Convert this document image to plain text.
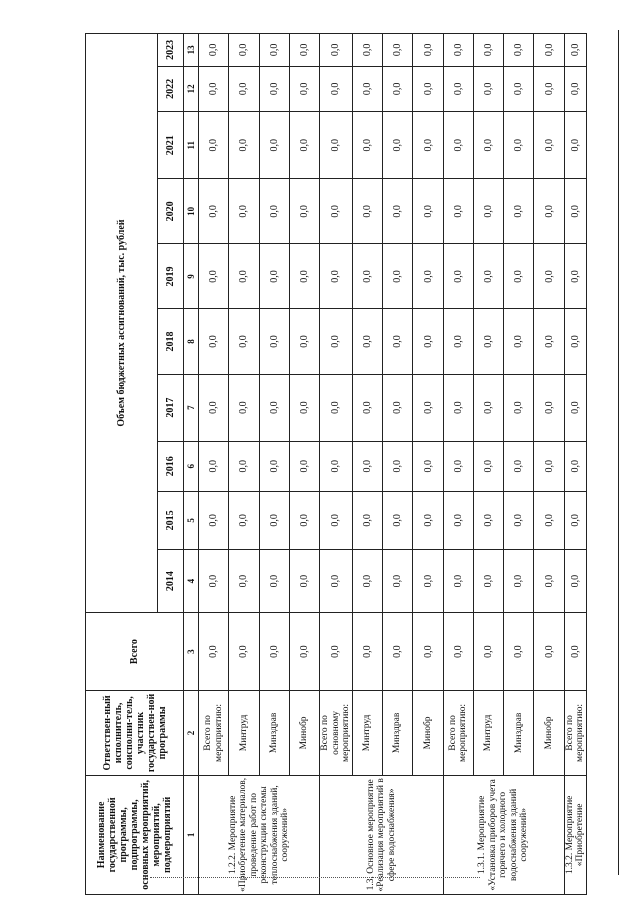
Наименование государственной программы, подпрограммы, основных мероприятий, мероприятий, подмероприятий	Ответствен-ный исполнитель, соисполни-тель, участник государствен-ной программы	Всего	Объем бюджетных ассигнований, тыс. рублей									
			2014	2015	2016	2017	2018	2019	2020	2021	2022	2023
1	2	3	4	5	6	7	8	9	10	11	12	13
1.2.2. Мероприятие «Приобретение материалов, проведение работ по реконструкции системы теплоснабжения зданий, сооружений»	Всего по мероприятию:	0,0	0,0	0,0	0,0	0,0	0,0	0,0	0,0	0,0	0,0	0,0
	Минтруд	0,0	0,0	0,0	0,0	0,0	0,0	0,0	0,0	0,0	0,0	0,0
	Минздрав	0,0	0,0	0,0	0,0	0,0	0,0	0,0	0,0	0,0	0,0	0,0
	Минобр	0,0	0,0	0,0	0,0	0,0	0,0	0,0	0,0	0,0	0,0	0,0
1.3. Основное мероприятие «Реализация мероприятий в сфере водоснабжения»	Всего по основному мероприятию:	0,0	0,0	0,0	0,0	0,0	0,0	0,0	0,0	0,0	0,0	0,0
	Минтруд	0,0	0,0	0,0	0,0	0,0	0,0	0,0	0,0	0,0	0,0	0,0
	Минздрав	0,0	0,0	0,0	0,0	0,0	0,0	0,0	0,0	0,0	0,0	0,0
	Минобр	0,0	0,0	0,0	0,0	0,0	0,0	0,0	0,0	0,0	0,0	0,0
1.3.1. Мероприятие «Установка приборов учета горячего и холодного водоснабжения зданий сооружений»	Всего по мероприятию:	0,0	0,0	0,0	0,0	0,0	0,0	0,0	0,0	0,0	0,0	0,0
	Минтруд	0,0	0,0	0,0	0,0	0,0	0,0	0,0	0,0	0,0	0,0	0,0
	Минздрав	0,0	0,0	0,0	0,0	0,0	0,0	0,0	0,0	0,0	0,0	0,0
	Минобр	0,0	0,0	0,0	0,0	0,0	0,0	0,0	0,0	0,0	0,0	0,0
1.3.2. Мероприятие «Приобретение	Всего по мероприятию:	0,0	0,0	0,0	0,0	0,0	0,0	0,0	0,0	0,0	0,0	0,0
